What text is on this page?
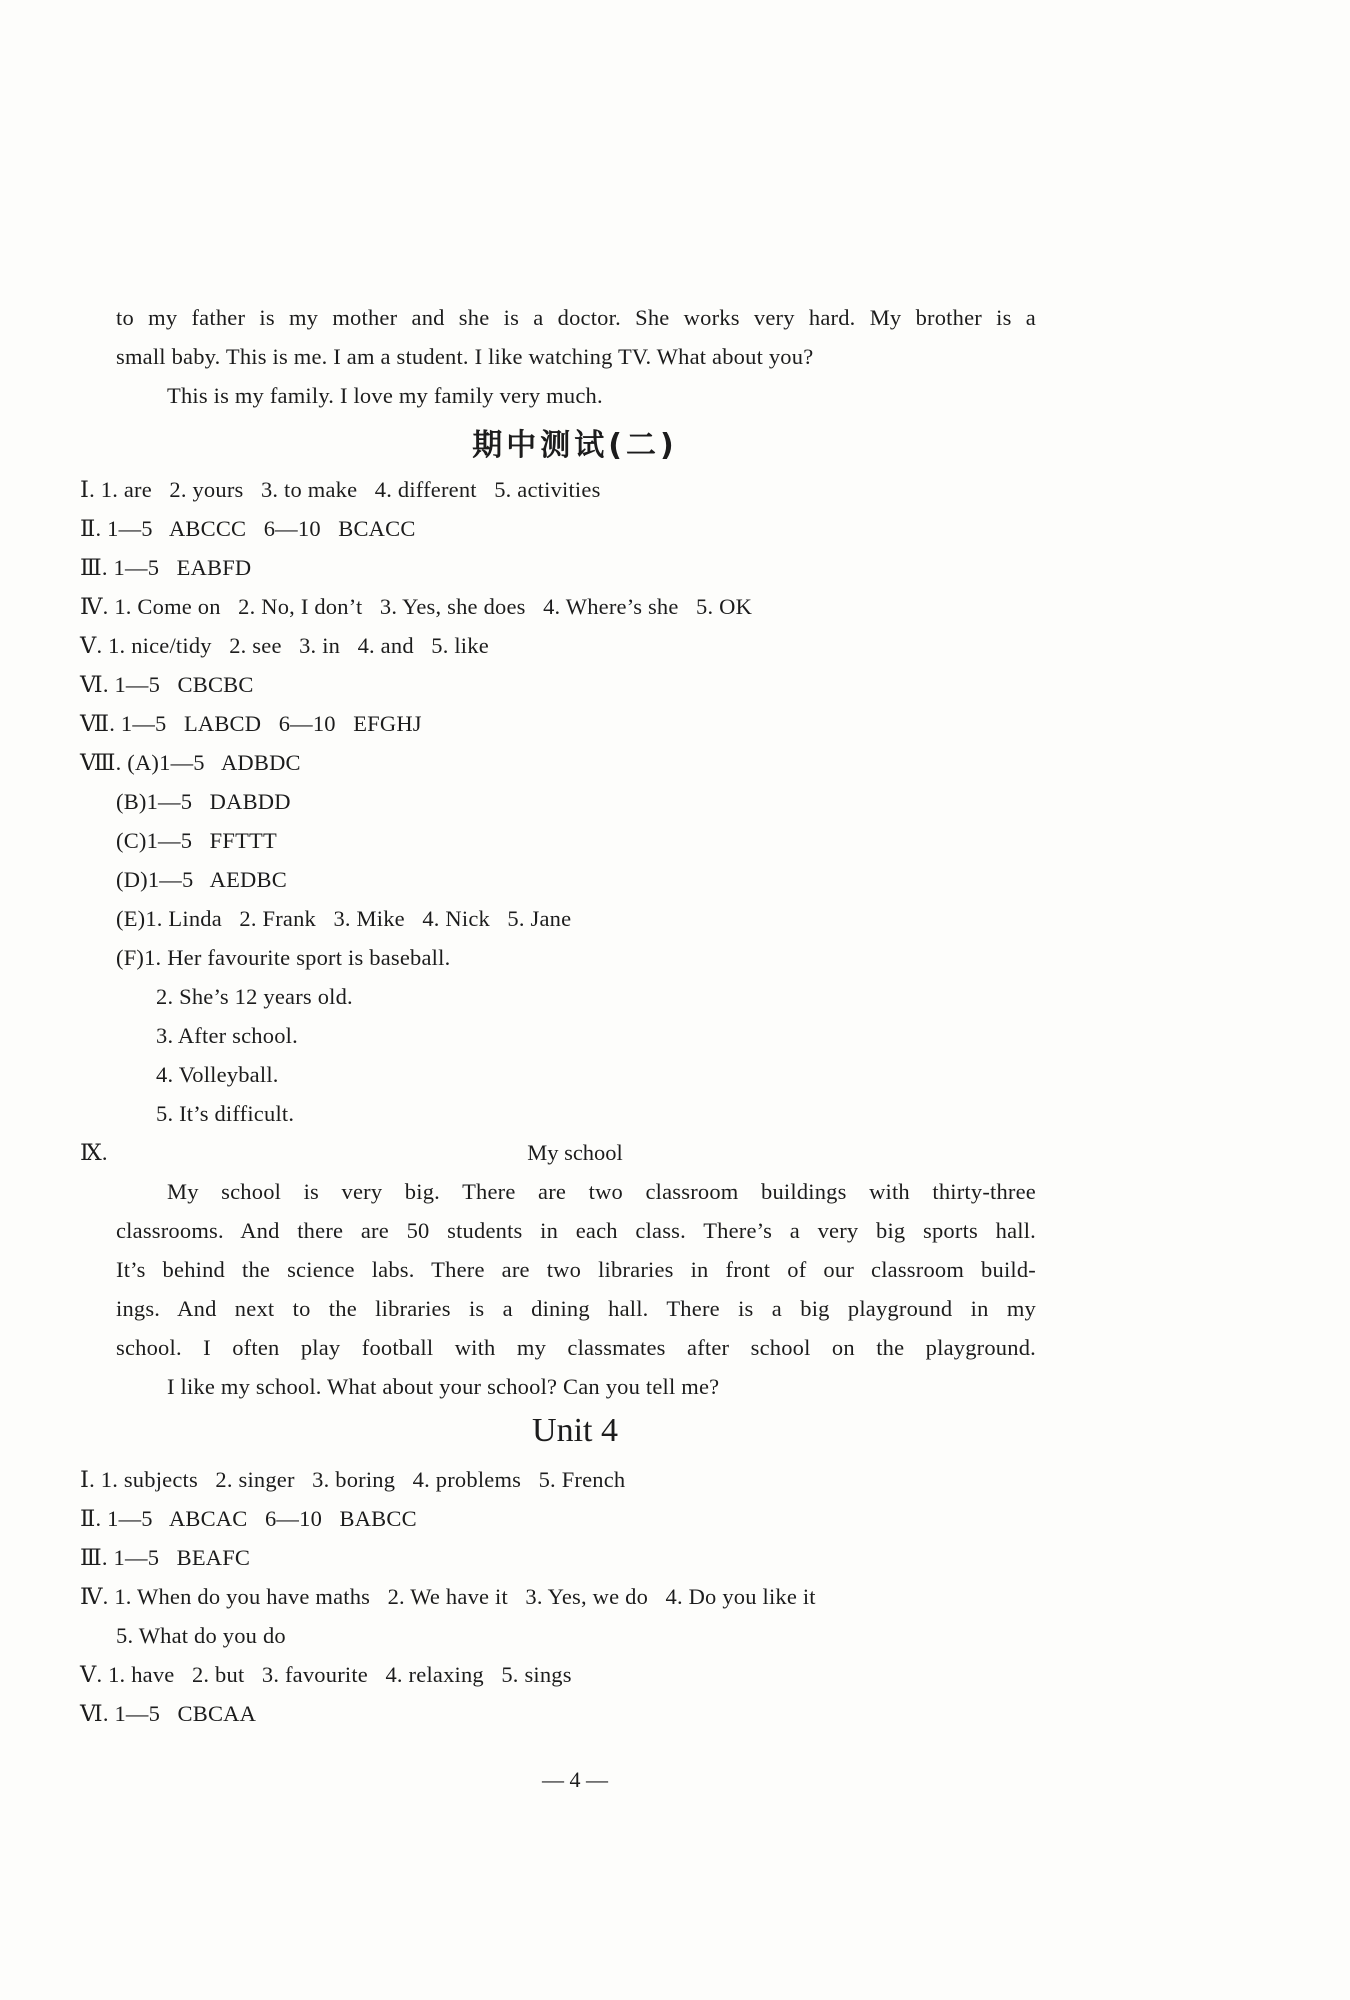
to my father is my mother and she is a doctor. She works very hard. My brother is a
small baby. This is me. I am a student. I like watching TV. What about you?
This is my family. I love my family very much.
期中测试(二)
Ⅰ. 1. are   2. yours   3. to make   4. different   5. activities
Ⅱ. 1—5   ABCCC   6—10   BCACC
Ⅲ. 1—5   EABFD
Ⅳ. 1. Come on   2. No, I don’t   3. Yes, she does   4. Where’s she   5. OK
Ⅴ. 1. nice/tidy   2. see   3. in   4. and   5. like
Ⅵ. 1—5   CBCBC
Ⅶ. 1—5   LABCD   6—10   EFGHJ
Ⅷ. (A)1—5   ADBDC
(B)1—5   DABDD
(C)1—5   FFTTT
(D)1—5   AEDBC
(E)1. Linda   2. Frank   3. Mike   4. Nick   5. Jane
(F)1. Her favourite sport is baseball.
2. She’s 12 years old.
3. After school.
4. Volleyball.
5. It’s difficult.
Ⅸ.	My school
My school is very big. There are two classroom buildings with thirty-three
classrooms. And there are 50 students in each class. There’s a very big sports hall.
It’s behind the science labs. There are two libraries in front of our classroom build-
ings. And next to the libraries is a dining hall. There is a big playground in my
school. I often play football with my classmates after school on the playground.
I like my school. What about your school? Can you tell me?
Unit 4
Ⅰ. 1. subjects   2. singer   3. boring   4. problems   5. French
Ⅱ. 1—5   ABCAC   6—10   BABCC
Ⅲ. 1—5   BEAFC
Ⅳ. 1. When do you have maths   2. We have it   3. Yes, we do   4. Do you like it
5. What do you do
Ⅴ. 1. have   2. but   3. favourite   4. relaxing   5. sings
Ⅵ. 1—5   CBCAA
— 4 —
